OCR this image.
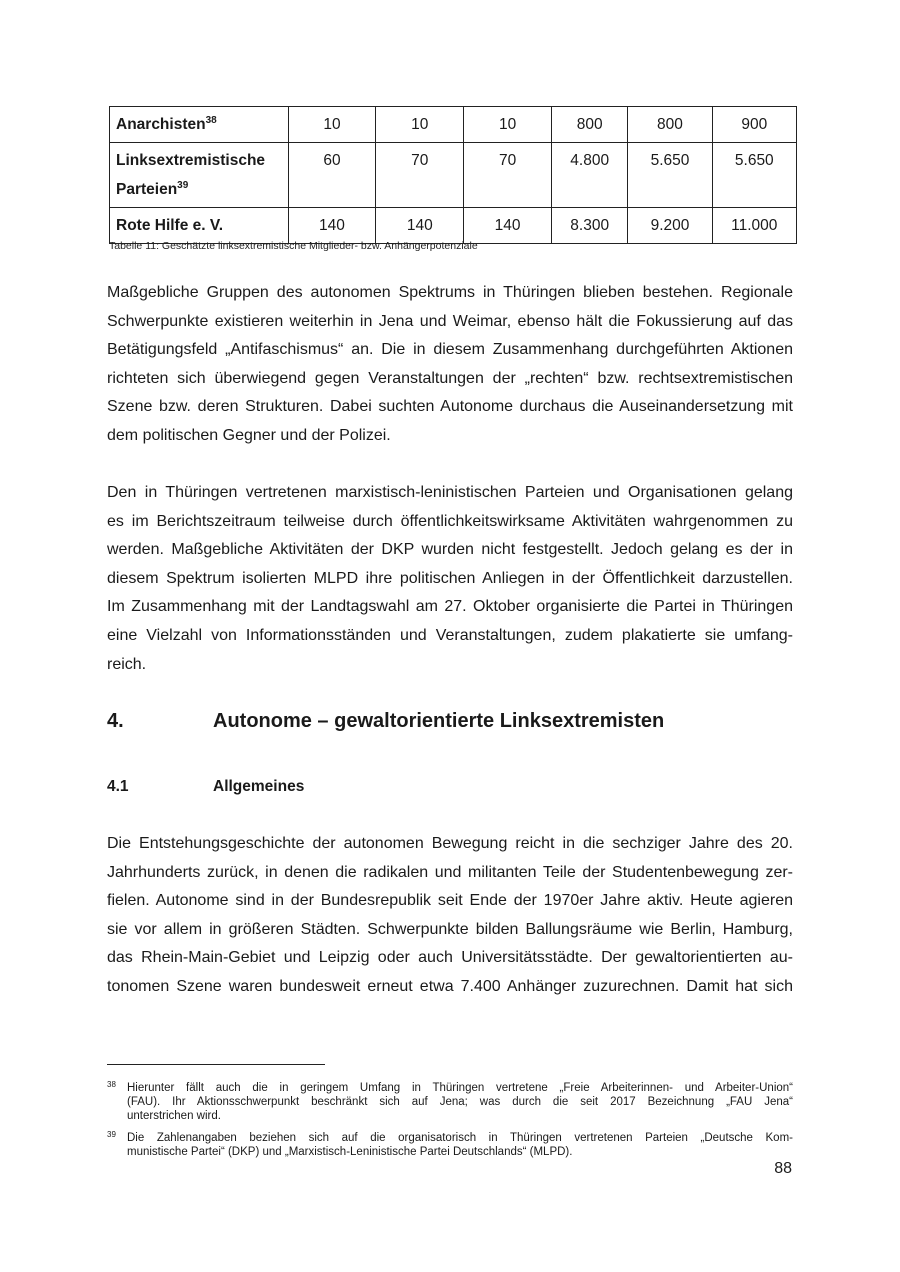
Anarchisten$^{38}$	10	10	10	800	800	900
Linksextremistische
Parteien$^{39}$	60	70	70	4.800	5.650	5.650
Rote Hilfe e. V.	140	140	140	8.300	9.200	11.000
Tabelle 11: Geschätzte linksextremistische Mitglieder- bzw. Anhängerpotenziale

Maßgebliche Gruppen des autonomen Spektrums in Thüringen blieben bestehen. Regionale
Schwerpunkte existieren weiterhin in Jena und Weimar, ebenso hält die Fokussierung auf das
Betätigungsfeld „Antifaschismus“ an. Die in diesem Zusammenhang durchgeführten Aktionen
richteten sich überwiegend gegen Veranstaltungen der „rechten“ bzw. rechtsextremistischen
Szene bzw. deren Strukturen. Dabei suchten Autonome durchaus die Auseinandersetzung mit
dem politischen Gegner und der Polizei.

Den in Thüringen vertretenen marxistisch-leninistischen Parteien und Organisationen gelang
es im Berichtszeitraum teilweise durch öffentlichkeitswirksame Aktivitäten wahrgenommen zu
werden. Maßgebliche Aktivitäten der DKP wurden nicht festgestellt. Jedoch gelang es der in
diesem Spektrum isolierten MLPD ihre politischen Anliegen in der Öffentlichkeit darzustellen.
Im Zusammenhang mit der Landtagswahl am 27. Oktober organisierte die Partei in Thüringen
eine Vielzahl von Informationsständen und Veranstaltungen, zudem plakatierte sie umfang-
reich.

4.	Autonome – gewaltorientierte Linksextremisten
4.1	Allgemeines

Die Entstehungsgeschichte der autonomen Bewegung reicht in die sechziger Jahre des 20.
Jahrhunderts zurück, in denen die radikalen und militanten Teile der Studentenbewegung zer-
fielen. Autonome sind in der Bundesrepublik seit Ende der 1970er Jahre aktiv. Heute agieren
sie vor allem in größeren Städten. Schwerpunkte bilden Ballungsräume wie Berlin, Hamburg,
das Rhein-Main-Gebiet und Leipzig oder auch Universitätsstädte. Der gewaltorientierten au-
tonomen Szene waren bundesweit erneut etwa 7.400 Anhänger zuzurechnen. Damit hat sich

38 Hierunter fällt auch die in geringem Umfang in Thüringen vertretene „Freie Arbeiterinnen- und Arbeiter-Union“
(FAU). Ihr Aktionsschwerpunkt beschränkt sich auf Jena; was durch die seit 2017 Bezeichnung „FAU Jena“
unterstrichen wird.
39 Die Zahlenangaben beziehen sich auf die organisatorisch in Thüringen vertretenen Parteien „Deutsche Kom-
munistische Partei“ (DKP) und „Marxistisch-Leninistische Partei Deutschlands“ (MLPD).
88
